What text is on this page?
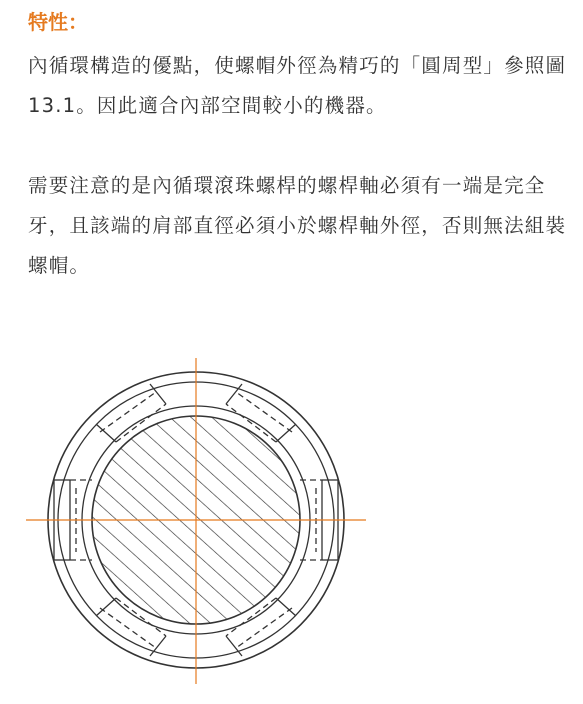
特性：

內循環構造的優點，使螺帽外徑為精巧的「圓周型」參照圖13.1。因此適合內部空間較小的機器。

需要注意的是內循環滾珠螺桿的螺桿軸必須有一端是完全牙，且該端的肩部直徑必須小於螺桿軸外徑，否則無法組裝螺帽。
